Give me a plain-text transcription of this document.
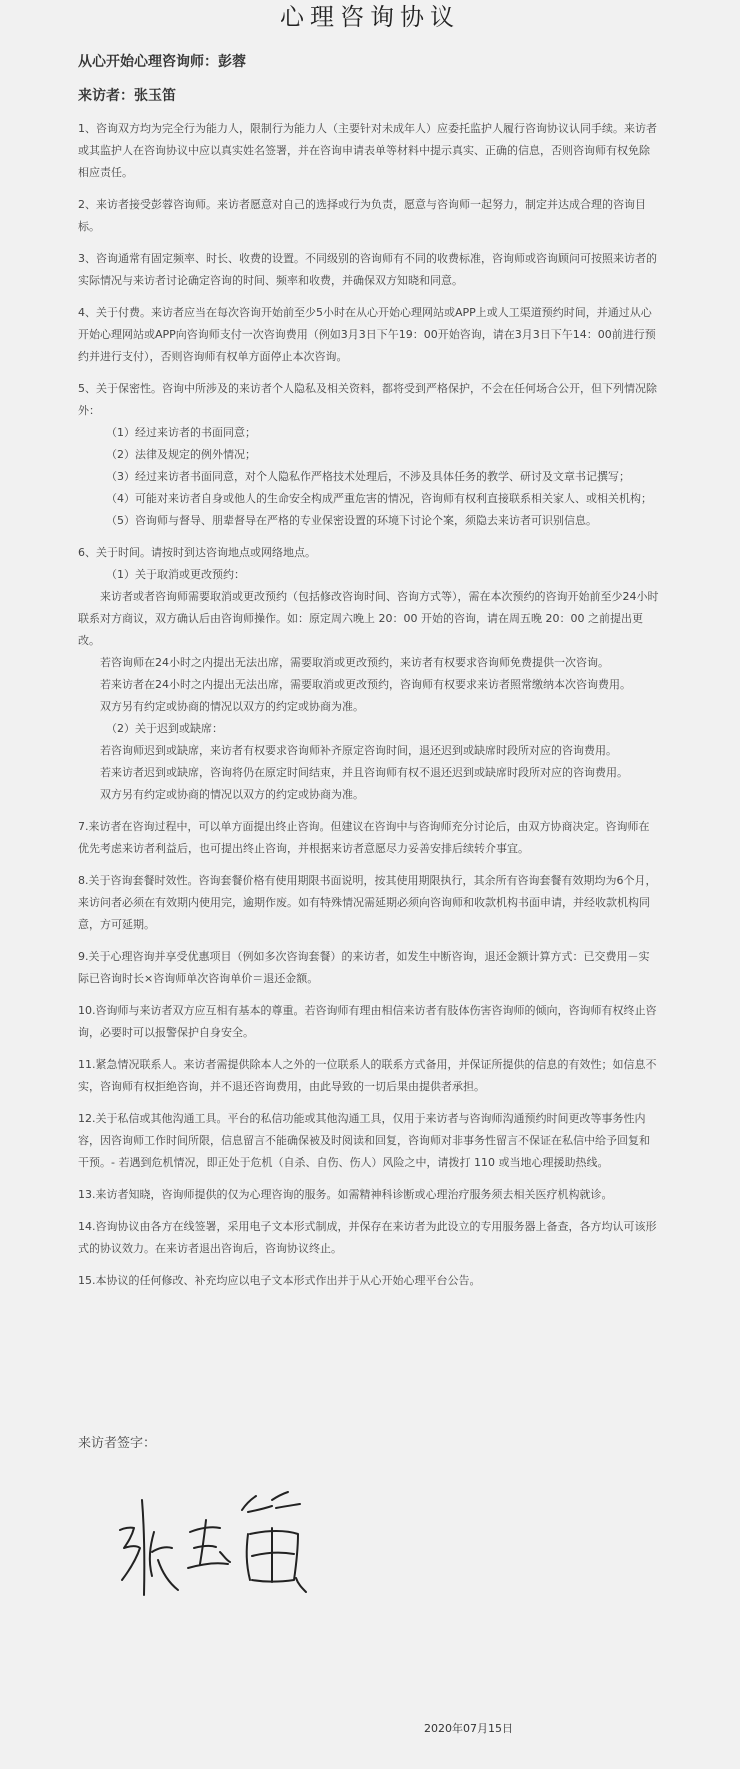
心理咨询协议
从心开始心理咨询师：彭蓉
来访者：张玉笛

1、咨询双方均为完全行为能力人，限制行为能力人（主要针对未成年人）应委托监护人履行咨询协议认同手续。来访者或其监护人在咨询协议中应以真实姓名签署，并在咨询申请表单等材料中提示真实、正确的信息，否则咨询师有权免除相应责任。

2、来访者接受彭蓉咨询师。来访者愿意对自己的选择或行为负责，愿意与咨询师一起努力，制定并达成合理的咨询目标。

3、咨询通常有固定频率、时长、收费的设置。不同级别的咨询师有不同的收费标准，咨询师或咨询顾问可按照来访者的实际情况与来访者讨论确定咨询的时间、频率和收费，并确保双方知晓和同意。

4、关于付费。来访者应当在每次咨询开始前至少5小时在从心开始心理网站或APP上或人工渠道预约时间，并通过从心开始心理网站或APP向咨询师支付一次咨询费用（例如3月3日下午19：00开始咨询，请在3月3日下午14：00前进行预约并进行支付），否则咨询师有权单方面停止本次咨询。

5、关于保密性。咨询中所涉及的来访者个人隐私及相关资料，都将受到严格保护，不会在任何场合公开，但下列情况除外：

（1）经过来访者的书面同意；

（2）法律及规定的例外情况；

（3）经过来访者书面同意，对个人隐私作严格技术处理后，不涉及具体任务的教学、研讨及文章书记撰写；

（4）可能对来访者自身或他人的生命安全构成严重危害的情况，咨询师有权利直接联系相关家人、或相关机构；

（5）咨询师与督导、朋辈督导在严格的专业保密设置的环境下讨论个案，须隐去来访者可识别信息。

6、关于时间。请按时到达咨询地点或网络地点。

（1）关于取消或更改预约：

来访者或者咨询师需要取消或更改预约（包括修改咨询时间、咨询方式等），需在本次预约的咨询开始前至少24小时联系对方商议，双方确认后由咨询师操作。如：原定周六晚上 20：00 开始的咨询，请在周五晚 20：00 之前提出更改。

若咨询师在24小时之内提出无法出席，需要取消或更改预约，来访者有权要求咨询师免费提供一次咨询。

若来访者在24小时之内提出无法出席，需要取消或更改预约，咨询师有权要求来访者照常缴纳本次咨询费用。

双方另有约定或协商的情况以双方的约定或协商为准。

（2）关于迟到或缺席：

若咨询师迟到或缺席，来访者有权要求咨询师补齐原定咨询时间，退还迟到或缺席时段所对应的咨询费用。

若来访者迟到或缺席，咨询将仍在原定时间结束，并且咨询师有权不退还迟到或缺席时段所对应的咨询费用。

双方另有约定或协商的情况以双方的约定或协商为准。

7.来访者在咨询过程中，可以单方面提出终止咨询。但建议在咨询中与咨询师充分讨论后，由双方协商决定。咨询师在优先考虑来访者利益后，也可提出终止咨询，并根据来访者意愿尽力妥善安排后续转介事宜。

8.关于咨询套餐时效性。咨询套餐价格有使用期限书面说明，按其使用期限执行，其余所有咨询套餐有效期均为6个月，来访问者必须在有效期内使用完，逾期作废。如有特殊情况需延期必须向咨询师和收款机构书面申请，并经收款机构同意，方可延期。

9.关于心理咨询并享受优惠项目（例如多次咨询套餐）的来访者，如发生中断咨询，退还金额计算方式：已交费用－实际已咨询时长×咨询师单次咨询单价＝退还金额。

10.咨询师与来访者双方应互相有基本的尊重。若咨询师有理由相信来访者有肢体伤害咨询师的倾向，咨询师有权终止咨询，必要时可以报警保护自身安全。

11.紧急情况联系人。来访者需提供除本人之外的一位联系人的联系方式备用，并保证所提供的信息的有效性；如信息不实，咨询师有权拒绝咨询，并不退还咨询费用，由此导致的一切后果由提供者承担。

12.关于私信或其他沟通工具。平台的私信功能或其他沟通工具，仅用于来访者与咨询师沟通预约时间更改等事务性内容，因咨询师工作时间所限，信息留言不能确保被及时阅读和回复，咨询师对非事务性留言不保证在私信中给予回复和干预。- 若遇到危机情况，即正处于危机（自杀、自伤、伤人）风险之中，请拨打 110 或当地心理援助热线。

13.来访者知晓，咨询师提供的仅为心理咨询的服务。如需精神科诊断或心理治疗服务须去相关医疗机构就诊。

14.咨询协议由各方在线签署，采用电子文本形式制成，并保存在来访者为此设立的专用服务器上备查，各方均认可该形式的协议效力。在来访者退出咨询后，咨询协议终止。

15.本协议的任何修改、补充均应以电子文本形式作出并于从心开始心理平台公告。

来访者签字：
2020年07月15日
